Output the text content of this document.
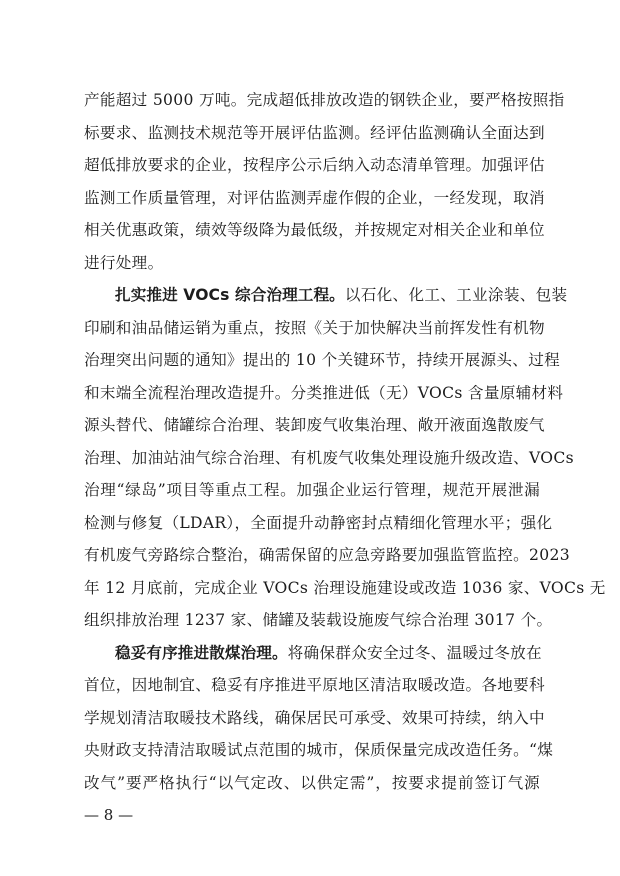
产能超过 5000 万吨。完成超低排放改造的钢铁企业，要严格按照指
标要求、监测技术规范等开展评估监测。经评估监测确认全面达到
超低排放要求的企业，按程序公示后纳入动态清单管理。加强评估
监测工作质量管理，对评估监测弄虚作假的企业，一经发现，取消
相关优惠政策，绩效等级降为最低级，并按规定对相关企业和单位
进行处理。
扎实推进 VOCs 综合治理工程。以石化、化工、工业涂装、包装
印刷和油品储运销为重点，按照《关于加快解决当前挥发性有机物
治理突出问题的通知》提出的 10 个关键环节，持续开展源头、过程
和末端全流程治理改造提升。分类推进低（无）VOCs 含量原辅材料
源头替代、储罐综合治理、装卸废气收集治理、敞开液面逸散废气
治理、加油站油气综合治理、有机废气收集处理设施升级改造、VOCs
治理“绿岛”项目等重点工程。加强企业运行管理，规范开展泄漏
检测与修复（LDAR），全面提升动静密封点精细化管理水平；强化
有机废气旁路综合整治，确需保留的应急旁路要加强监管监控。2023
年 12 月底前，完成企业 VOCs 治理设施建设或改造 1036 家、VOCs 无
组织排放治理 1237 家、储罐及装载设施废气综合治理 3017 个。
稳妥有序推进散煤治理。将确保群众安全过冬、温暖过冬放在
首位，因地制宜、稳妥有序推进平原地区清洁取暖改造。各地要科
学规划清洁取暖技术路线，确保居民可承受、效果可持续，纳入中
央财政支持清洁取暖试点范围的城市，保质保量完成改造任务。“煤
改气”要严格执行“以气定改、以供定需”，按要求提前签订气源
— 8 —
